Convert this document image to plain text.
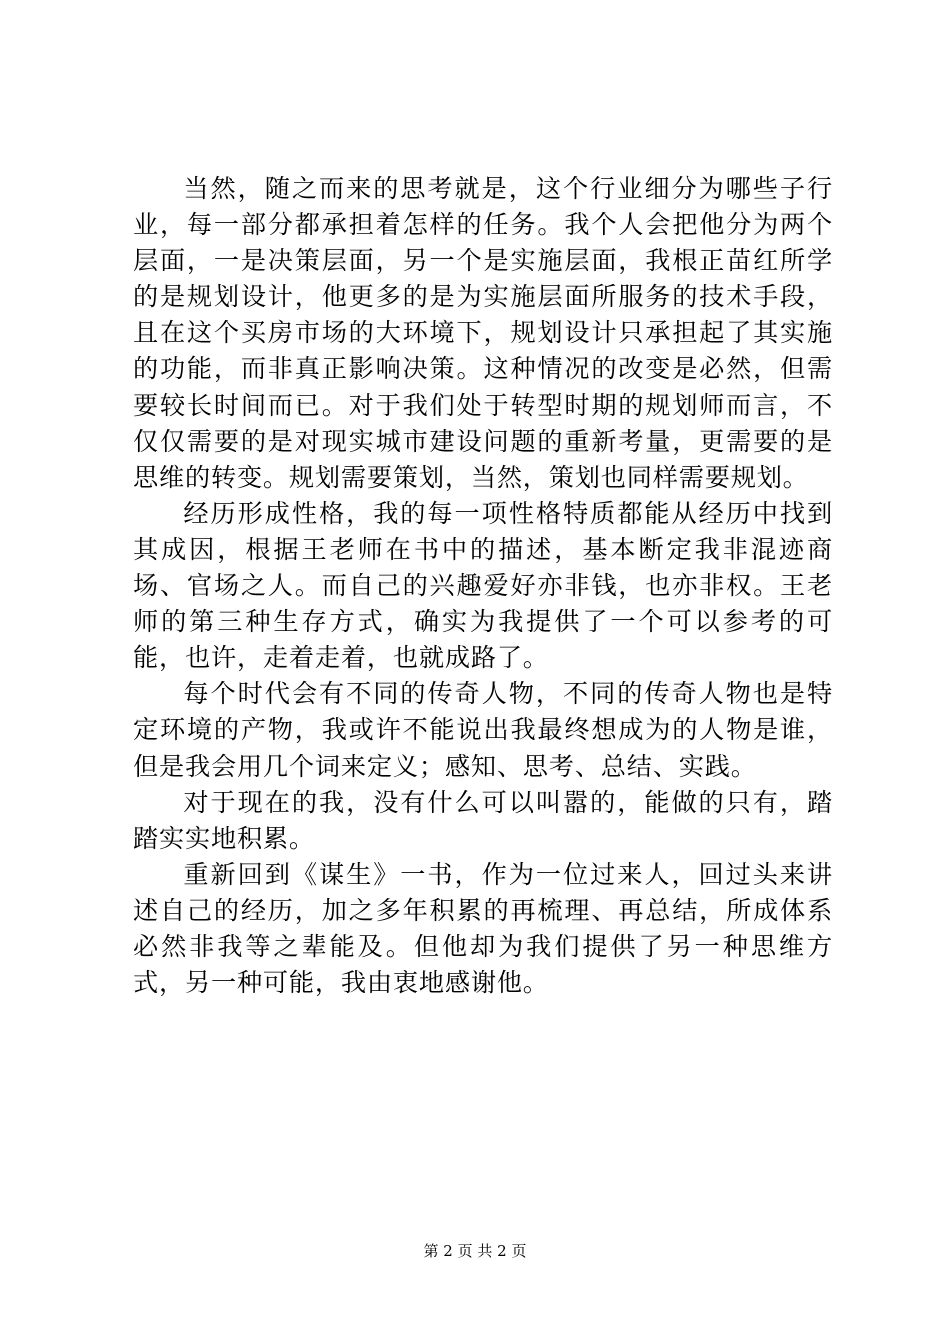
当然，随之而来的思考就是，这个行业细分为哪些子行业，每一部分都承担着怎样的任务。我个人会把他分为两个层面，一是决策层面，另一个是实施层面，我根正苗红所学的是规划设计，他更多的是为实施层面所服务的技术手段，且在这个买房市场的大环境下，规划设计只承担起了其实施的功能，而非真正影响决策。这种情况的改变是必然，但需要较长时间而已。对于我们处于转型时期的规划师而言，不仅仅需要的是对现实城市建设问题的重新考量，更需要的是思维的转变。规划需要策划，当然，策划也同样需要规划。

经历形成性格，我的每一项性格特质都能从经历中找到其成因，根据王老师在书中的描述，基本断定我非混迹商场、官场之人。而自己的兴趣爱好亦非钱，也亦非权。王老师的第三种生存方式，确实为我提供了一个可以参考的可能，也许，走着走着，也就成路了。

每个时代会有不同的传奇人物，不同的传奇人物也是特定环境的产物，我或许不能说出我最终想成为的人物是谁，但是我会用几个词来定义；感知、思考、总结、实践。

对于现在的我，没有什么可以叫嚣的，能做的只有，踏踏实实地积累。

重新回到《谋生》一书，作为一位过来人，回过头来讲述自己的经历，加之多年积累的再梳理、再总结，所成体系必然非我等之辈能及。但他却为我们提供了另一种思维方式，另一种可能，我由衷地感谢他。

第 2 页 共 2 页
